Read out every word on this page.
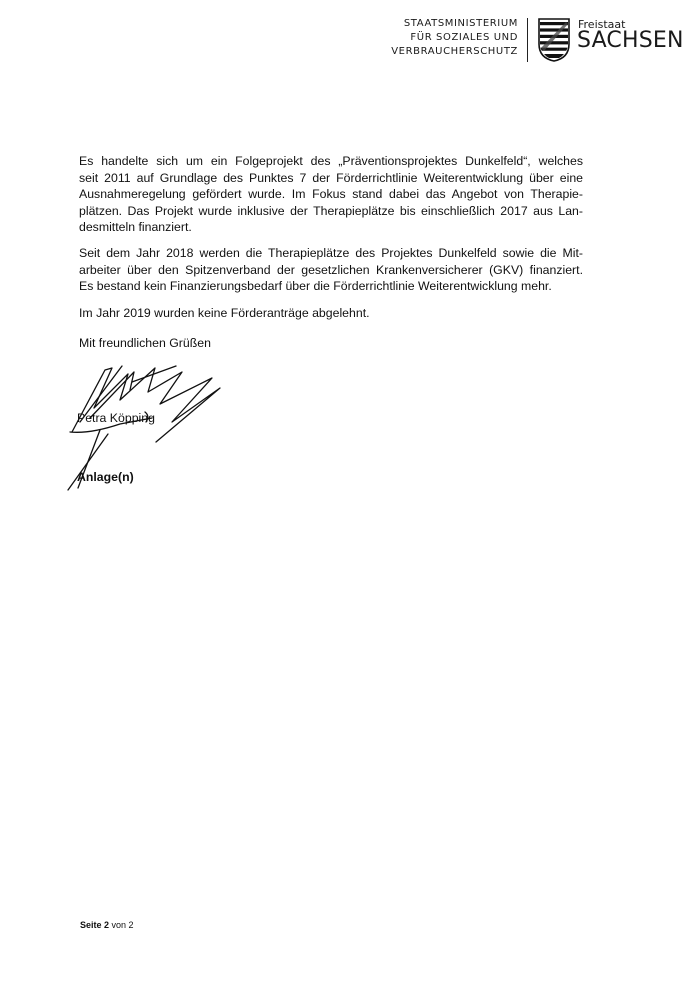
STAATSMINISTERIUM
FÜR SOZIALES UND
VERBRAUCHERSCHUTZ
Freistaat
SACHSEN

Es handelte sich um ein Folgeprojekt des „Präventionsprojektes Dunkelfeld“, welches

seit 2011 auf Grundlage des Punktes 7 der Förderrichtlinie Weiterentwicklung über eine

Ausnahmeregelung gefördert wurde. Im Fokus stand dabei das Angebot von Therapie-

plätzen. Das Projekt wurde inklusive der Therapieplätze bis einschließlich 2017 aus Lan-

desmitteln finanziert.

Seit dem Jahr 2018 werden die Therapieplätze des Projektes Dunkelfeld sowie die Mit-

arbeiter über den Spitzenverband der gesetzlichen Krankenversicherer (GKV) finanziert.

Es bestand kein Finanzierungsbedarf über die Förderrichtlinie Weiterentwicklung mehr.

Im Jahr 2019 wurden keine Förderanträge abgelehnt.

Mit freundlichen Grüßen

Petra Köpping
Anlage(n)
Seite 2 von 2
